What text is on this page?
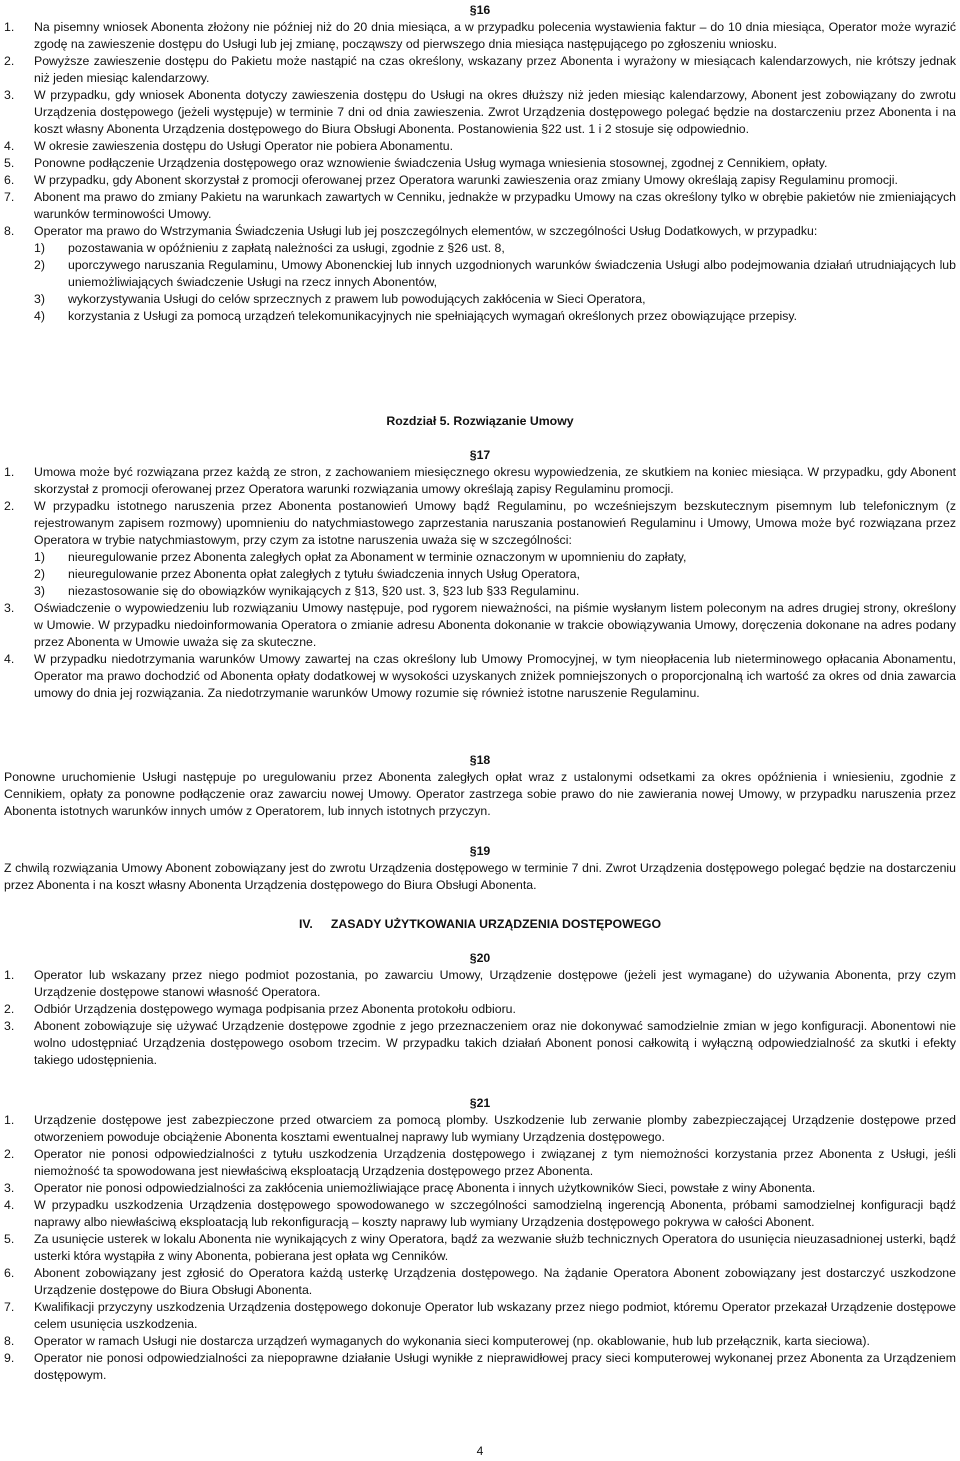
§16

1.	Na pisemny wniosek Abonenta złożony nie później niż do 20 dnia miesiąca, a w przypadku polecenia wystawienia faktur – do 10 dnia miesiąca, Operator może wyrazić zgodę na zawieszenie dostępu do Usługi lub jej zmianę, począwszy od pierwszego dnia miesiąca następującego po zgłoszeniu wniosku.
2.	Powyższe zawieszenie dostępu do Pakietu może nastąpić na czas określony, wskazany przez Abonenta i wyrażony w miesiącach kalendarzowych, nie krótszy jednak niż jeden miesiąc kalendarzowy.
3.	W przypadku, gdy wniosek Abonenta dotyczy zawieszenia dostępu do Usługi na okres dłuższy niż jeden miesiąc kalendarzowy, Abonent jest zobowiązany do zwrotu Urządzenia dostępowego (jeżeli występuje) w terminie 7 dni od dnia zawieszenia. Zwrot Urządzenia dostępowego polegać będzie na dostarczeniu przez Abonenta i na koszt własny Abonenta Urządzenia dostępowego do Biura Obsługi Abonenta. Postanowienia §22 ust. 1 i 2 stosuje się odpowiednio.
4.	W okresie zawieszenia dostępu do Usługi Operator nie pobiera Abonamentu.
5.	Ponowne podłączenie Urządzenia dostępowego oraz wznowienie świadczenia Usług wymaga wniesienia stosownej, zgodnej z Cennikiem, opłaty.
6.	W przypadku, gdy Abonent skorzystał z promocji oferowanej przez Operatora warunki zawieszenia oraz zmiany Umowy określają zapisy Regulaminu promocji.
7.	Abonent ma prawo do zmiany Pakietu na warunkach zawartych w Cenniku, jednakże w przypadku Umowy na czas określony tylko w obrębie pakietów nie zmieniających warunków terminowości Umowy.
8.	Operator ma prawo do Wstrzymania Świadczenia Usługi lub jej poszczególnych elementów, w szczególności Usług Dodatkowych, w przypadku:
1)	pozostawania w opóźnieniu z zapłatą należności za usługi, zgodnie z §26 ust. 8,
2)	uporczywego naruszania Regulaminu, Umowy Abonenckiej lub innych uzgodnionych warunków świadczenia Usługi albo podejmowania działań utrudniających lub uniemożliwiających świadczenie Usługi na rzecz innych Abonentów,
3)	wykorzystywania Usługi do celów sprzecznych z prawem lub powodujących zakłócenia w Sieci Operatora,
4)	korzystania z Usługi za pomocą urządzeń telekomunikacyjnych nie spełniających wymagań określonych przez obowiązujące przepisy.
Rozdział 5. Rozwiązanie Umowy

§17

1.	Umowa może być rozwiązana przez każdą ze stron, z zachowaniem miesięcznego okresu wypowiedzenia, ze skutkiem na koniec miesiąca. W przypadku, gdy Abonent skorzystał z promocji oferowanej przez Operatora warunki rozwiązania umowy określają zapisy Regulaminu promocji.
2.	W przypadku istotnego naruszenia przez Abonenta postanowień Umowy bądź Regulaminu, po wcześniejszym bezskutecznym pisemnym lub telefonicznym (z rejestrowanym zapisem rozmowy) upomnieniu do natychmiastowego zaprzestania naruszania postanowień Regulaminu i Umowy, Umowa może być rozwiązana przez Operatora w trybie natychmiastowym, przy czym za istotne naruszenia uważa się w szczególności:
1)	nieuregulowanie przez Abonenta zaległych opłat za Abonament w terminie oznaczonym w upomnieniu do zapłaty,
2)	nieuregulowanie przez Abonenta opłat zaległych z tytułu świadczenia innych Usług Operatora,
3)	niezastosowanie się do obowiązków wynikających z §13, §20 ust. 3, §23 lub §33 Regulaminu.
3.	Oświadczenie o wypowiedzeniu lub rozwiązaniu Umowy następuje, pod rygorem nieważności, na piśmie wysłanym listem poleconym na adres drugiej strony, określony w Umowie. W przypadku niedoinformowania Operatora o zmianie adresu Abonenta dokonanie w trakcie obowiązywania Umowy, doręczenia dokonane na adres podany przez Abonenta w Umowie uważa się za skuteczne.
4.	W przypadku niedotrzymania warunków Umowy zawartej na czas określony lub Umowy Promocyjnej, w tym nieopłacenia lub nieterminowego opłacania Abonamentu, Operator ma prawo dochodzić od Abonenta opłaty dodatkowej w wysokości uzyskanych zniżek pomniejszonych o proporcjonalną ich wartość za okres od dnia zawarcia umowy do dnia jej rozwiązania. Za niedotrzymanie warunków Umowy rozumie się również istotne naruszenie Regulaminu.

§18

Ponowne uruchomienie Usługi następuje po uregulowaniu przez Abonenta zaległych opłat wraz z ustalonymi odsetkami za okres opóźnienia i wniesieniu, zgodnie z Cennikiem, opłaty za ponowne podłączenie oraz zawarciu nowej Umowy. Operator zastrzega sobie prawo do nie zawierania nowej Umowy, w przypadku naruszenia przez Abonenta istotnych warunków innych umów z Operatorem, lub innych istotnych przyczyn.

§19

Z chwilą rozwiązania Umowy Abonent zobowiązany jest do zwrotu Urządzenia dostępowego w terminie 7 dni. Zwrot Urządzenia dostępowego polegać będzie na dostarczeniu przez Abonenta i na koszt własny Abonenta Urządzenia dostępowego do Biura Obsługi Abonenta.

IV. ZASADY UŻYTKOWANIA URZĄDZENIA DOSTĘPOWEGO

§20

1.	Operator lub wskazany przez niego podmiot pozostania, po zawarciu Umowy, Urządzenie dostępowe (jeżeli jest wymagane) do używania Abonenta, przy czym Urządzenie dostępowe stanowi własność Operatora.
2.	Odbiór Urządzenia dostępowego wymaga podpisania przez Abonenta protokołu odbioru.
3.	Abonent zobowiązuje się używać Urządzenie dostępowe zgodnie z jego przeznaczeniem oraz nie dokonywać samodzielnie zmian w jego konfiguracji. Abonentowi nie wolno udostępniać Urządzenia dostępowego osobom trzecim. W przypadku takich działań Abonent ponosi całkowitą i wyłączną odpowiedzialność za skutki i efekty takiego udostępnienia.

§21

1.	Urządzenie dostępowe jest zabezpieczone przed otwarciem za pomocą plomby. Uszkodzenie lub zerwanie plomby zabezpieczającej Urządzenie dostępowe przed otworzeniem powoduje obciążenie Abonenta kosztami ewentualnej naprawy lub wymiany Urządzenia dostępowego.
2.	Operator nie ponosi odpowiedzialności z tytułu uszkodzenia Urządzenia dostępowego i związanej z tym niemożności korzystania przez Abonenta z Usługi, jeśli niemożność ta spowodowana jest niewłaściwą eksploatacją Urządzenia dostępowego przez Abonenta.
3.	Operator nie ponosi odpowiedzialności za zakłócenia uniemożliwiające pracę Abonenta i innych użytkowników Sieci, powstałe z winy Abonenta.
4.	W przypadku uszkodzenia Urządzenia dostępowego spowodowanego w szczególności samodzielną ingerencją Abonenta, próbami samodzielnej konfiguracji bądź naprawy albo niewłaściwą eksploatacją lub rekonfiguracją – koszty naprawy lub wymiany Urządzenia dostępowego pokrywa w całości Abonent.
5.	Za usunięcie usterek w lokalu Abonenta nie wynikających z winy Operatora, bądź za wezwanie służb technicznych Operatora do usunięcia nieuzasadnionej usterki, bądź usterki która wystąpiła z winy Abonenta, pobierana jest opłata wg Cenników.
6.	Abonent zobowiązany jest zgłosić do Operatora każdą usterkę Urządzenia dostępowego. Na żądanie Operatora Abonent zobowiązany jest dostarczyć uszkodzone Urządzenie dostępowe do Biura Obsługi Abonenta.
7.	Kwalifikacji przyczyny uszkodzenia Urządzenia dostępowego dokonuje Operator lub wskazany przez niego podmiot, któremu Operator przekazał Urządzenie dostępowe celem usunięcia uszkodzenia.
8.	Operator w ramach Usługi nie dostarcza urządzeń wymaganych do wykonania sieci komputerowej (np. okablowanie, hub lub przełącznik, karta sieciowa).
9.	Operator nie ponosi odpowiedzialności za niepoprawne działanie Usługi wynikłe z nieprawidłowej pracy sieci komputerowej wykonanej przez Abonenta za Urządzeniem dostępowym.
4
